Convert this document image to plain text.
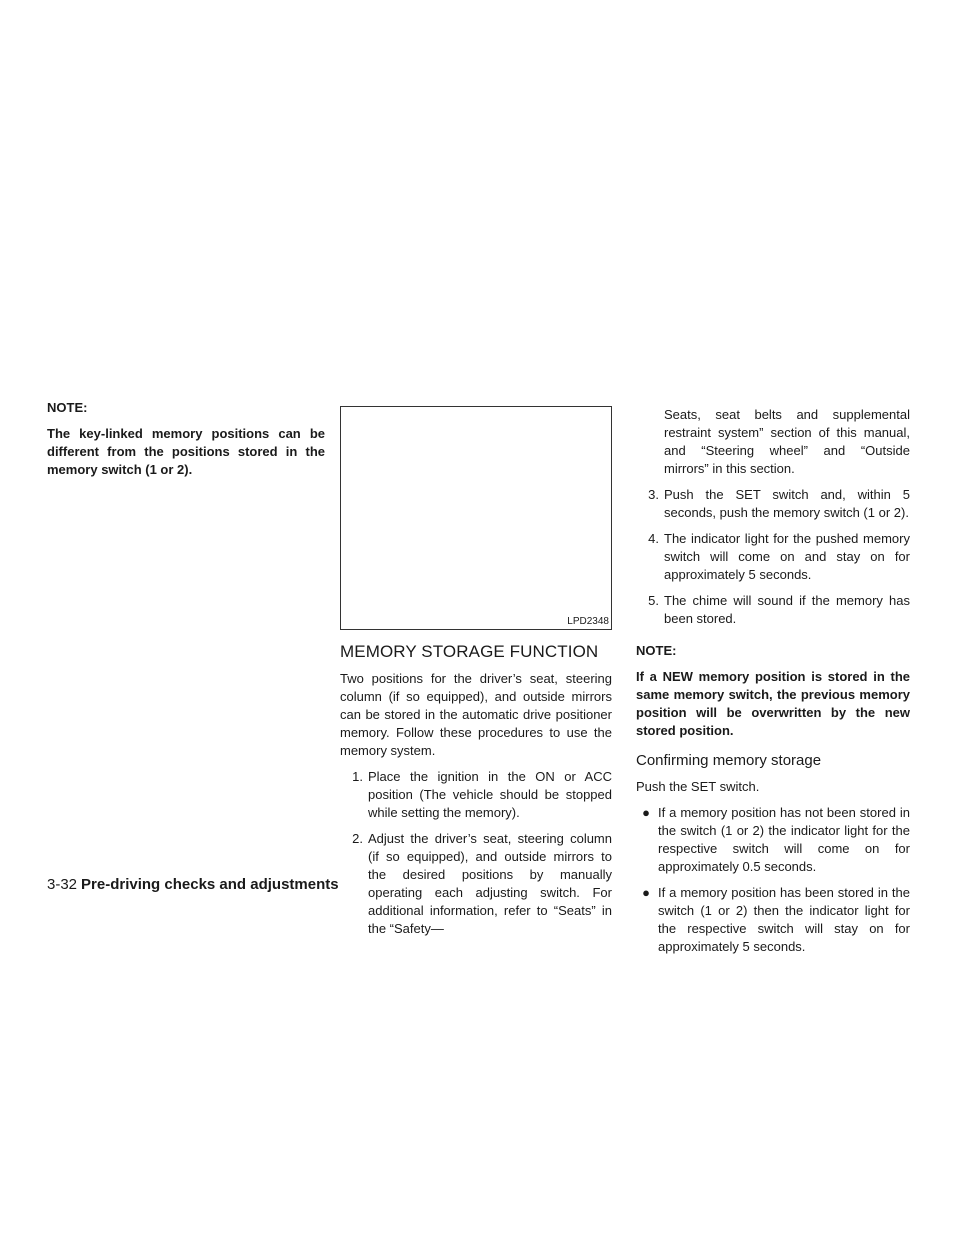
NOTE:

The key-linked memory positions can be different from the positions stored in the memory switch (1 or 2).

LPD2348
MEMORY STORAGE FUNCTION

Two positions for the driver’s seat, steering column (if so equipped), and outside mirrors can be stored in the automatic drive positioner memory. Follow these procedures to use the memory system.

1. Place the ignition in the ON or ACC position (The vehicle should be stopped while setting the memory).
2. Adjust the driver’s seat, steering column (if so equipped), and outside mirrors to the desired positions by manually operating each adjusting switch. For additional information, refer to “Seats” in the “Safety—

Seats, seat belts and supplemental restraint system” section of this manual, and “Steering wheel” and “Outside mirrors” in this section.

3. Push the SET switch and, within 5 seconds, push the memory switch (1 or 2).
4. The indicator light for the pushed memory switch will come on and stay on for approximately 5 seconds.
5. The chime will sound if the memory has been stored.

NOTE:

If a NEW memory position is stored in the same memory switch, the previous memory position will be overwritten by the new stored position.

Confirming memory storage

Push the SET switch.

● If a memory position has not been stored in the switch (1 or 2) the indicator light for the respective switch will come on for approximately 0.5 seconds.
● If a memory position has been stored in the switch (1 or 2) then the indicator light for the respective switch will stay on for approximately 5 seconds.
3-32 Pre-driving checks and adjustments
